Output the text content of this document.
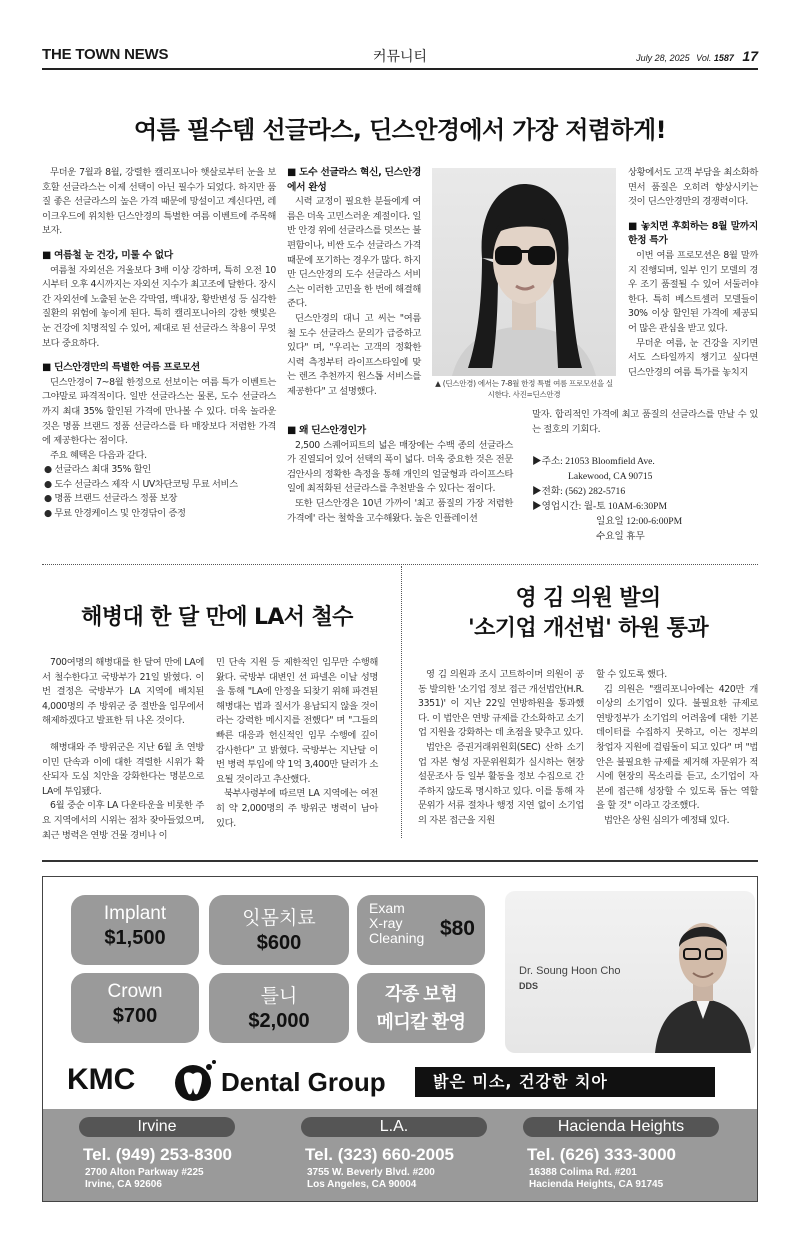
THE TOWN NEWS	커뮤니티	July 28, 2025 Vol. 1587 17
여름 필수템 선글라스, 딘스안경에서 가장 저렴하게!

무더운 7월과 8월, 강렬한 캘리포니아 햇살로부터 눈을 보호할 선글라스는 이제 선택이 아닌 필수가 되었다. 하지만 품질 좋은 선글라스의 높은 가격 때문에 망설이고 계신다면, 레이크우드에 위치한 딘스안경의 특별한 여름 이벤트에 주목해보자.

■ 여름철 눈 건강, 미룰 수 없다

여름철 자외선은 겨울보다 3배 이상 강하며, 특히 오전 10시부터 오후 4시까지는 자외선 지수가 최고조에 달한다. 장시간 자외선에 노출된 눈은 각막염, 백내장, 황반변성 등 심각한 질환의 위험에 놓이게 된다. 특히 캘리포니아의 강한 햇빛은 눈 건강에 치명적일 수 있어, 제대로 된 선글라스 착용이 무엇보다 중요하다.

■ 딘스안경만의 특별한 여름 프로모션

딘스안경이 7~8월 한정으로 선보이는 여름 특가 이벤트는 그야말로 파격적이다. 일반 선글라스는 물론, 도수 선글라스까지 최대 35% 할인된 가격에 만나볼 수 있다. 더욱 놀라운 것은 명품 브랜드 정품 선글라스를 타 매장보다 저렴한 가격에 제공한다는 점이다.

주요 혜택은 다음과 같다.

● 선글라스 최대 35% 할인

● 도수 선글라스 제작 시 UV차단코팅 무료 서비스

● 명품 브랜드 선글라스 정품 보장

● 무료 안경케이스 및 안경닦이 증정

■ 도수 선글라스 혁신, 딘스안경에서 완성

시력 교정이 필요한 분들에게 여름은 더욱 고민스러운 계절이다. 일반 안경 위에 선글라스를 덧쓰는 불편함이나, 비싼 도수 선글라스 가격 때문에 포기하는 경우가 많다. 하지만 딘스안경의 도수 선글라스 서비스는 이러한 고민을 한 번에 해결해준다.

딘스안경의 대니 고 씨는 "여름철 도수 선글라스 문의가 급증하고 있다" 며, "우리는 고객의 정확한 시력 측정부터 라이프스타일에 맞는 렌즈 추천까지 원스톱 서비스를 제공한다" 고 설명했다.

■ 왜 딘스안경인가

2,500 스퀘어피트의 넓은 매장에는 수백 종의 선글라스가 진열되어 있어 선택의 폭이 넓다. 더욱 중요한 것은 전문 검안사의 정확한 측정을 통해 개인의 얼굴형과 라이프스타일에 최적화된 선글라스를 추천받을 수 있다는 점이다.

또한 딘스안경은 10년 가까이 '최고 품질의 가장 저렴한 가격에' 라는 철학을 고수해왔다. 높은 인플레이션

▲ (딘스안경) 에서는 7-8월 한정 특별 여름 프로모션을 실시한다. 사진=딘스안경

상황에서도 고객 부담을 최소화하면서 품질은 오히려 향상시키는 것이 딘스안경만의 경쟁력이다.

■ 놓치면 후회하는 8월 말까지 한정 특가

이번 여름 프로모션은 8월 말까지 진행되며, 일부 인기 모델의 경우 조기 품절될 수 있어 서둘러야 한다. 특히 베스트셀러 모델들이 30% 이상 할인된 가격에 제공되어 많은 관심을 받고 있다.

무더운 여름, 눈 건강을 지키면서도 스타일까지 챙기고 싶다면 딘스안경의 여름 특가를 놓치지

말자. 합리적인 가격에 최고 품질의 선글라스를 만날 수 있는 절호의 기회다.

▶주소: 21053 Bloomfield Ave.
Lakewood, CA 90715
▶전화: (562) 282-5716
▶영업시간: 월-토 10AM-6:30PM
일요일 12:00-6:00PM
수요일 휴무
해병대 한 달 만에 LA서 철수

700여명의 해병대를 한 달여 만에 LA에서 철수한다고 국방부가 21일 밝혔다. 이번 결정은 국방부가 LA 지역에 배치된 4,000명의 주 방위군 중 절반을 임무에서 해제하겠다고 발표한 뒤 나온 것이다.

해병대와 주 방위군은 지난 6월 초 연방 이민 단속과 이에 대한 격렬한 시위가 확산되자 도심 치안을 강화한다는 명분으로 LA에 투입됐다.

6월 중순 이후 LA 다운타운을 비롯한 주요 지역에서의 시위는 점차 잦아들었으며, 최근 병력은 연방 건물 경비나 이

민 단속 지원 등 제한적인 임무만 수행해 왔다. 국방부 대변인 션 파넬은 이날 성명을 통해 "LA에 안정을 되찾기 위해 파견된 해병대는 법과 질서가 용납되지 않을 것이라는 강력한 메시지를 전했다" 며 "그들의 빠른 대응과 헌신적인 임무 수행에 깊이 감사한다" 고 밝혔다. 국방부는 지난달 이번 병력 투입에 약 1억 3,400만 달러가 소요될 것이라고 추산했다.

북부사령부에 따르면 LA 지역에는 여전히 약 2,000명의 주 방위군 병력이 남아 있다.

영 김 의원 발의
'소기업 개선법' 하원 통과

영 김 의원과 조시 고트하이머 의원이 공동 발의한 '소기업 정보 접근 개선법안(H.R. 3351)' 이 지난 22일 연방하원을 통과했다. 이 법안은 연방 규제를 간소화하고 소기업 지원을 강화하는 데 초점을 맞추고 있다.

법안은 증권거래위원회(SEC) 산하 소기업 자본 형성 자문위원회가 실시하는 현장 설문조사 등 일부 활동을 정보 수집으로 간주하지 않도록 명시하고 있다. 이를 통해 자문위가 서류 절차나 행정 지연 없이 소기업의 자본 접근을 지원

할 수 있도록 했다.

김 의원은 "캘리포니아에는 420만 개 이상의 소기업이 있다. 불필요한 규제로 연방정부가 소기업의 어려움에 대한 기본 데이터를 수집하지 못하고, 이는 정부의 창업자 지원에 걸림돌이 되고 있다" 며 "법안은 불필요한 규제를 제거해 자문위가 적시에 현장의 목소리를 듣고, 소기업이 자본에 접근해 성장할 수 있도록 돕는 역할을 할 것" 이라고 강조했다.

법안은 상원 심의가 예정돼 있다.

Implant
$1,500
잇몸치료
$600
Exam
X-ray
Cleaning $80
Crown
$700
틀니
$2,000
각종 보험
메디칼 환영
Dr. Soung Hoon Cho
DDS
KMC	Dental Group	밝은 미소, 건강한 치아
Irvine	L.A.	Hacienda Heights
Tel. (949) 253-8300	Tel. (323) 660-2005	Tel. (626) 333-3000
2700 Alton Parkway #225
Irvine, CA 92606
3755 W. Beverly Blvd. #200
Los Angeles, CA 90004
16388 Colima Rd. #201
Hacienda Heights, CA 91745
